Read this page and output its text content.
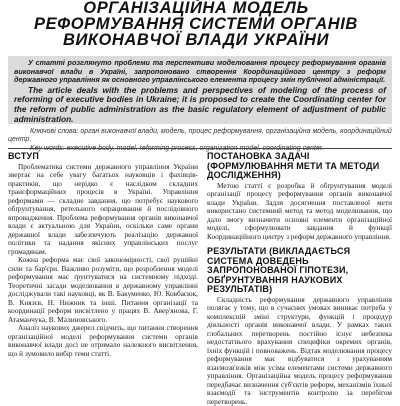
ОРГАНІЗАЦІЙНА МОДЕЛЬ
РЕФОРМУВАННЯ СИСТЕМИ ОРГАНІВ
ВИКОНАВЧОЇ ВЛАДИ УКРАЇНИ

У статті розглянуто проблеми та перспективи моделювання процесу реформування органів виконавчої влади в Україні, запропоновано створення Координаційного центру з реформ державного управління як основного управлінського елемента процесу змін публічної адміністрації.

The article deals with the problems and perspectives of modeling of the process of reforming of executive bodies in Ukraine; it is proposed to create the Coordinating center for the reform of public administration as the basic regulatory element of adjustment of public administration.

Ключові слова: орган виконавчої влади, модель, процес реформування, організаційна модель, координаційний центр.

ВСТУП

Проблематика системи державного управління України звертає на себе увагу багатьох науковців і фахівців-практиків, що нерідко є наслідком складних трансформаційних процесів в Україні. Управління реформами — складне завдання, що потребує наукового обґрунтування, ретельного опрацювання й послідовного впровадження. Проблема реформування органів виконавчої влади є актуальною для України, оскільки саме органи державної влади забезпечують реалізацію державної політики та надання якісних управлінських послуг громадянам.

Кожна реформа має свої закономірності, свої рушійні сили та бар'єри. Важливо розуміти, що розроблення моделі реформування має ґрунтуватися на системному підході. Теоретичні засади моделювання в державному управлінні досліджували такі науковці, як В. Бакуменко, Ю. Ковбасюк, В. Князєв, Н. Нижник та інші. Питання організації та координації реформ висвітлено у працях В. Авер'янова, Г. Атаманчука, В. Малиновського.

Аналіз наукових джерел свідчить, що питання створення організаційної моделі реформування системи органів виконавчої влади досі не отримало належного висвітлення, що й зумовило вибір теми статті.

ПОСТАНОВКА ЗАДАЧІ (ФОРМУЛЮВАННЯ МЕТИ ТА МЕТОДИ ДОСЛІДЖЕННЯ)

Метою статті є розробка й обґрунтування моделі організації процесу реформування органів виконавчої влади України. Задля досягнення поставленої мети використано системний метод та метод моделювання, що дало змогу визначити основні елементи організаційної моделі, сформулювати завдання й функції Координаційного центру з реформ державного управління.

РЕЗУЛЬТАТИ (ВИКЛАДАЄТЬСЯ СИСТЕМА ДОВЕДЕНЬ ЗАПРОПОНОВАНОЇ ГІПОТЕЗИ, ОБҐРУНТУВАННЯ НАУКОВИХ РЕЗУЛЬТАТІВ)

Складність реформування державного управління полягає у тому, що в сучасних умовах виникає потреба у комплексній зміні структури, функцій і процедур діяльності органів виконавчої влади. У рамках таких глобальних перетворень постійно існує небезпека недостатнього врахування специфіки окремих органів, їхніх функцій і повноважень. Відтак моделювання процесу реформування має відбуватися з урахуванням взаємозв'язків між усіма елементами системи державного управління. Організаційна модель процесу реформування передбачає визначення суб'єктів реформ, механізмів їхньої взаємодії та інструментів контролю за перебігом перетворень.
